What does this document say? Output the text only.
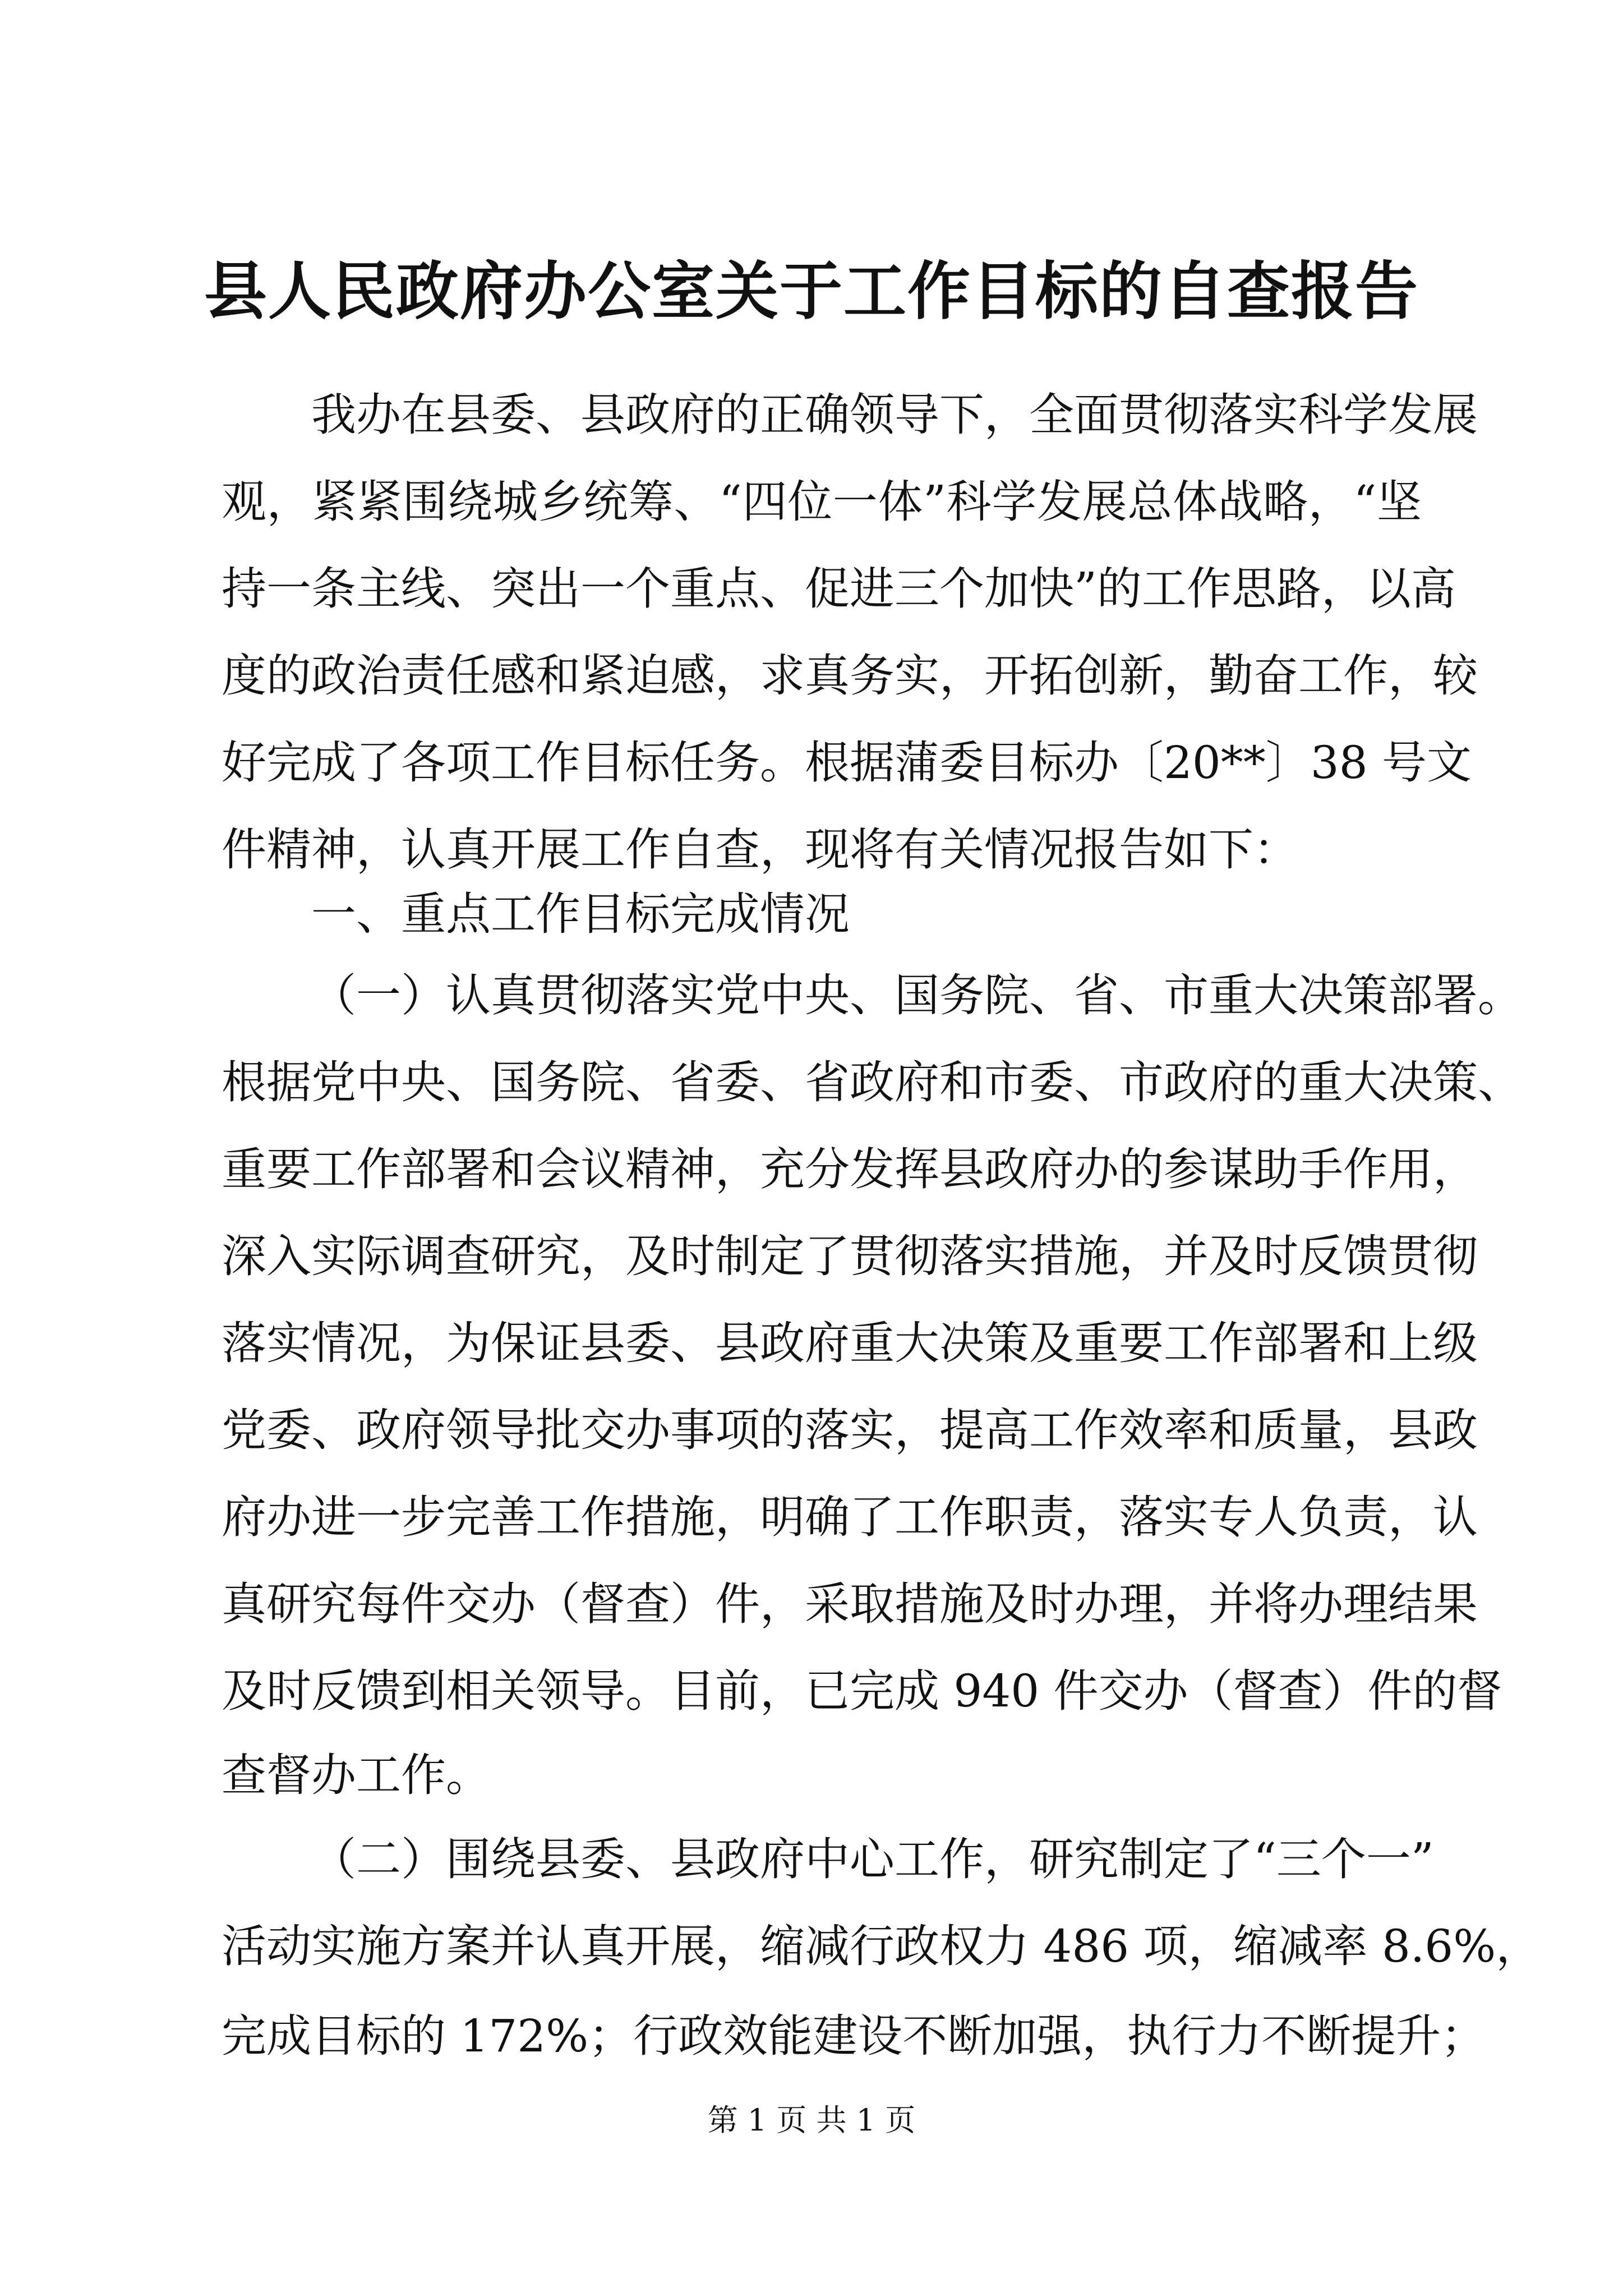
县人民政府办公室关于工作目标的自查报告
我办在县委、县政府的正确领导下，全面贯彻落实科学发展
观，紧紧围绕城乡统筹、“四位一体”科学发展总体战略，“坚
持一条主线、突出一个重点、促进三个加快”的工作思路，以高
度的政治责任感和紧迫感，求真务实，开拓创新，勤奋工作，较
好完成了各项工作目标任务。根据蒲委目标办〔20**〕38 号文
件精神，认真开展工作自查，现将有关情况报告如下：
一、重点工作目标完成情况
（一）认真贯彻落实党中央、国务院、省、市重大决策部署。
根据党中央、国务院、省委、省政府和市委、市政府的重大决策、
重要工作部署和会议精神，充分发挥县政府办的参谋助手作用，
深入实际调查研究，及时制定了贯彻落实措施，并及时反馈贯彻
落实情况，为保证县委、县政府重大决策及重要工作部署和上级
党委、政府领导批交办事项的落实，提高工作效率和质量，县政
府办进一步完善工作措施，明确了工作职责，落实专人负责，认
真研究每件交办（督查）件，采取措施及时办理，并将办理结果
及时反馈到相关领导。目前，已完成 940 件交办（督查）件的督
查督办工作。
（二）围绕县委、县政府中心工作，研究制定了“三个一”
活动实施方案并认真开展，缩减行政权力 486 项，缩减率 8.6%，
完成目标的 172%；行政效能建设不断加强，执行力不断提升；
第 1 页 共 1 页
